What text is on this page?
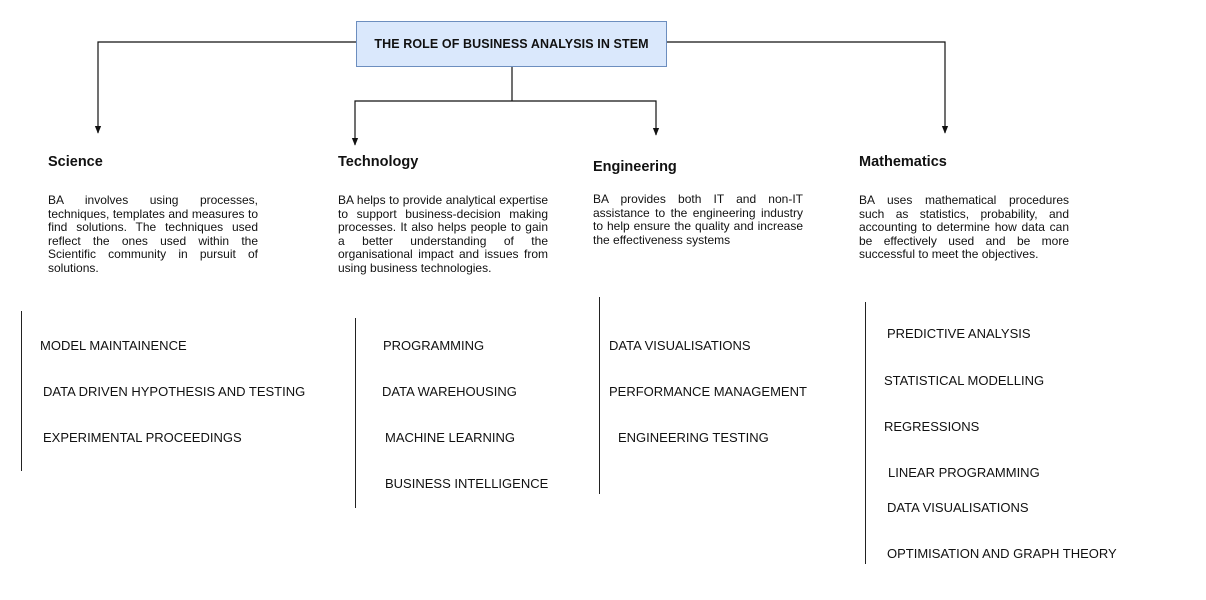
THE ROLE OF BUSINESS ANALYSIS IN STEM
Science
BA involves using processes, techniques, templates and measures to find solutions. The techniques used reflect the ones used within the Scientific community in pursuit of solutions.
MODEL MAINTAINENCE
DATA DRIVEN HYPOTHESIS AND TESTING
EXPERIMENTAL PROCEEDINGS
Technology
BA helps to provide analytical expertise to support business-decision making processes. It also helps people to gain a better understanding of the organisational impact and issues from using business technologies.
PROGRAMMING
DATA WAREHOUSING
MACHINE LEARNING
BUSINESS INTELLIGENCE
Engineering
BA provides both IT and non-IT assistance to the engineering industry to help ensure the quality and increase the effectiveness systems
DATA VISUALISATIONS
PERFORMANCE MANAGEMENT
ENGINEERING TESTING
Mathematics
BA uses mathematical procedures such as statistics, probability, and accounting to determine how data can be effectively used and be more successful to meet the objectives.
PREDICTIVE ANALYSIS
STATISTICAL MODELLING
REGRESSIONS
LINEAR PROGRAMMING
DATA VISUALISATIONS
OPTIMISATION AND GRAPH THEORY
